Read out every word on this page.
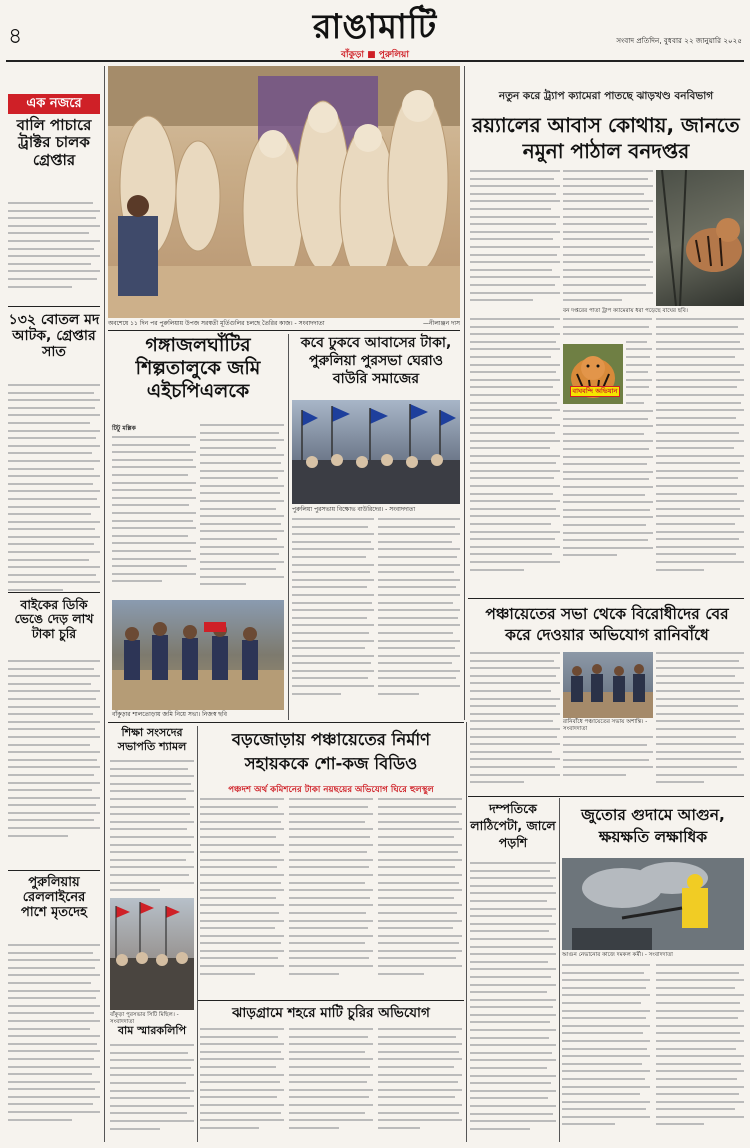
৪	রাঙামাটি
বাঁকুড়া ■ পুরুলিয়া
সংবাদ প্রতিদিন, বুধবার ২২ জানুয়ারি ২০২৫
এক নজরে
বালি পাচারে ট্রাক্টর চালক গ্রেপ্তার
১৩২ বোতল মদ আটক, গ্রেপ্তার সাত
বাইকের ডিকি ভেঙে দেড় লাখ টাকা চুরি
পুরুলিয়ায় রেললাইনের পাশে মৃতদেহ
অবশেষে ১১ দিন পর পুরুলিয়ায় উপজ সরস্বতী মূর্তিগুলির চলছে তৈরির কাজ। - সংবাদদাতা	—নীলাঞ্জন দাস
গঙ্গাজলঘাঁটির শিল্পতালুকে জমি এইচপিএলকে
টিটু মল্লিক
বাঁকুড়ার শালতোড়ায় জমি নিয়ে সভা। নিজস্ব ছবি
কবে ঢুকবে আবাসের টাকা, পুরুলিয়া পুরসভা ঘেরাও বাউরি সমাজের
পুরুলিয়া পুরসভায় বিক্ষোভ বাউরিদের। - সংবাদদাতা
নতুন করে ট্র্যাপ ক্যামেরা পাতছে ঝাড়খণ্ড বনবিভাগ
রয়্যালের আবাস কোথায়, জানতে নমুনা পাঠাল বনদপ্তর
বন দপ্তরের পাতা ট্রাপ ক্যামেরায় ধরা পড়েছে বাঘের ছবি।
বাঘবন্দি অভিযান
পঞ্চায়েতের সভা থেকে বিরোধীদের বের করে দেওয়ার অভিযোগ রানিবাঁধে
রানিবাঁধে পঞ্চায়েতের সভায় অশান্তি। - সংবাদদাতা
শিক্ষা সংসদের সভাপতি শ্যামল
বাঁকুড়া পুরসভার সিটি মিছিল। - সংবাদদাতা
বড়জোড়ায় পঞ্চায়েতের নির্মাণ সহায়ককে শো-কজ বিডিও
পঞ্চদশ অর্থ কমিশনের টাকা নয়ছয়ের অভিযোগ ঘিরে হুলস্থুল
ঝাড়গ্রামে শহরে মাটি চুরির অভিযোগ
বাম স্মারকলিপি
দম্পতিকে লাঠিপেটা, জালে পড়শি
জুতোর গুদামে আগুন, ক্ষয়ক্ষতি লক্ষাধিক
আগুন নেভানোর কাজে দমকল কর্মী। - সংবাদদাতা
